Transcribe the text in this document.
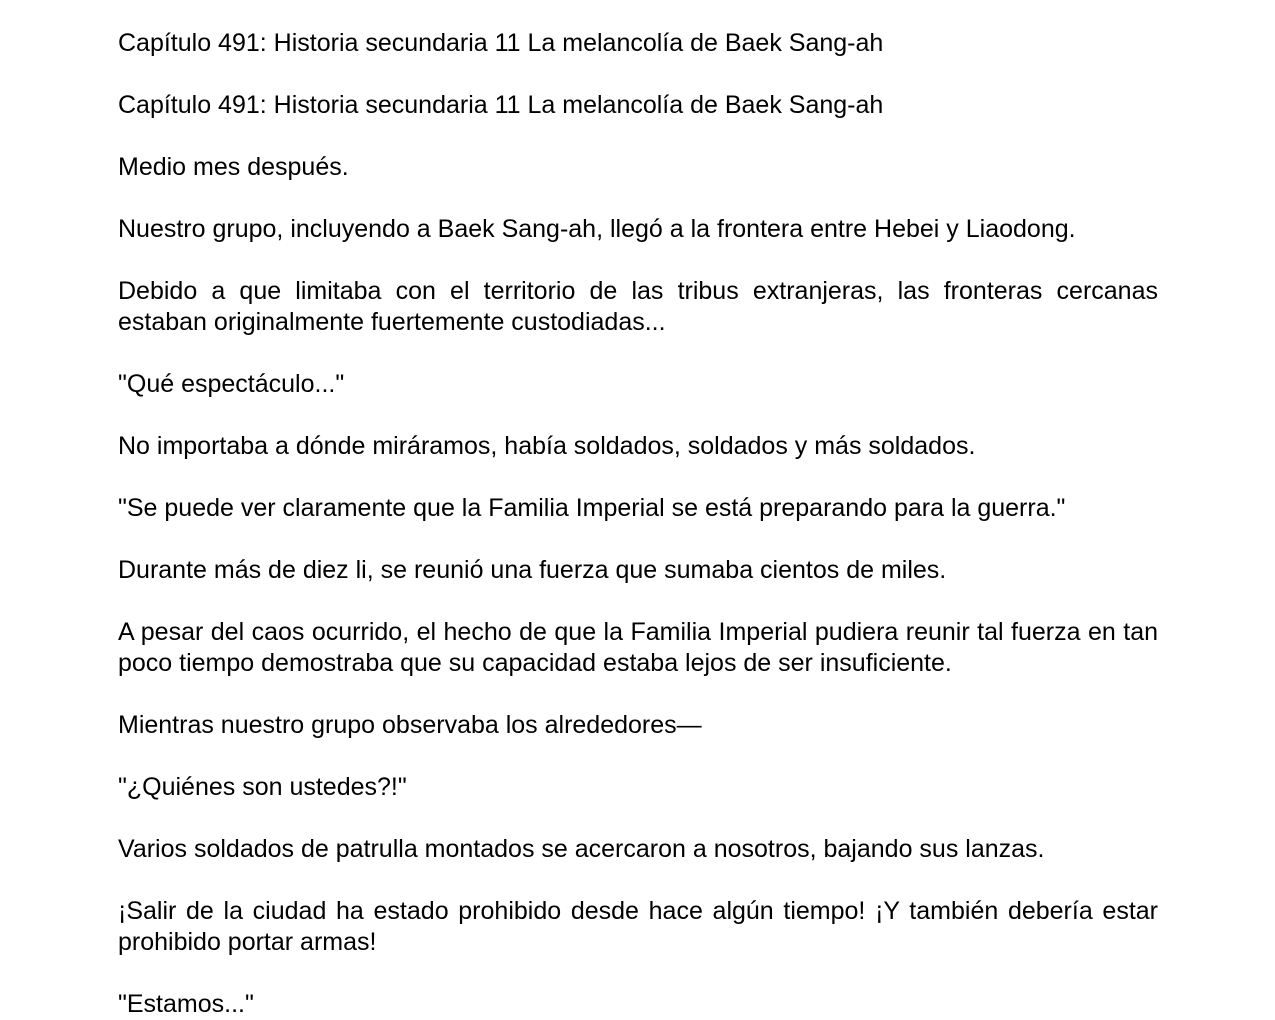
Capítulo 491: Historia secundaria 11 La melancolía de Baek Sang-ah

Capítulo 491: Historia secundaria 11 La melancolía de Baek Sang-ah

Medio mes después.

Nuestro grupo, incluyendo a Baek Sang-ah, llegó a la frontera entre Hebei y Liaodong.

Debido a que limitaba con el territorio de las tribus extranjeras, las fronteras cercanas estaban originalmente fuertemente custodiadas...

"Qué espectáculo..."

No importaba a dónde miráramos, había soldados, soldados y más soldados.

"Se puede ver claramente que la Familia Imperial se está preparando para la guerra."

Durante más de diez li, se reunió una fuerza que sumaba cientos de miles.

A pesar del caos ocurrido, el hecho de que la Familia Imperial pudiera reunir tal fuerza en tan poco tiempo demostraba que su capacidad estaba lejos de ser insuficiente.

Mientras nuestro grupo observaba los alrededores—

"¿Quiénes son ustedes?!"

Varios soldados de patrulla montados se acercaron a nosotros, bajando sus lanzas.

¡Salir de la ciudad ha estado prohibido desde hace algún tiempo! ¡Y también debería estar prohibido portar armas!

"Estamos..."
